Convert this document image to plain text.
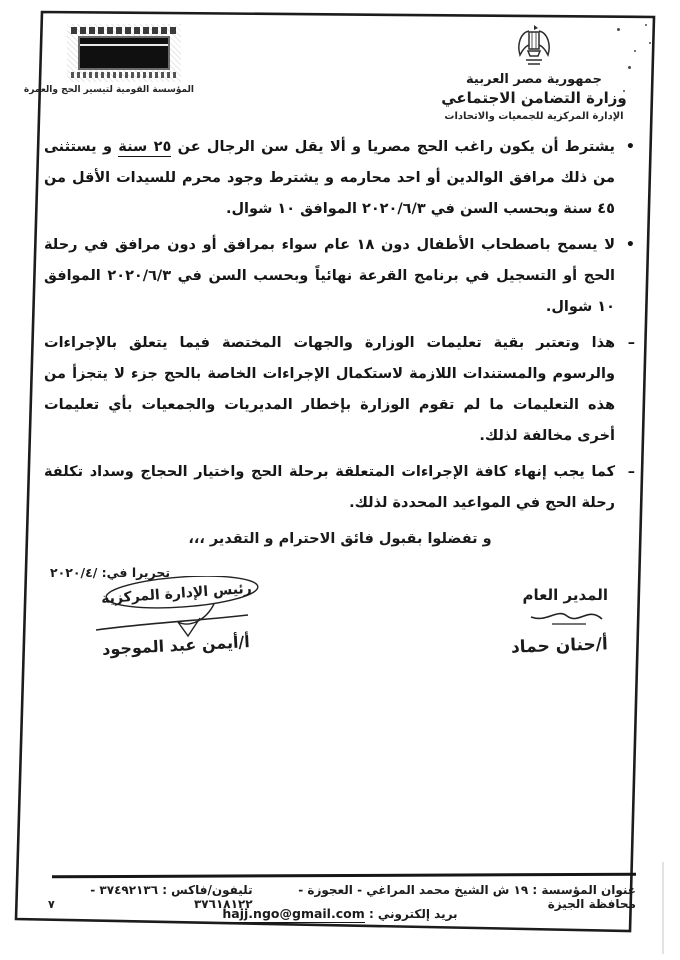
المؤسسة القومية لتيسير الحج والعمرة
جمهورية مصر العربية
وزارة التضامن الاجتماعي
الإدارة المركزية للجمعيات والاتحادات

•
يشترط أن يكون راغب الحج مصريا و ألا يقل سن الرجال عن ٢٥ سنة و يستثنى من ذلك مرافق الوالدين أو احد محارمه و يشترط وجود محرم للسيدات الأقل من ٤٥ سنة وبحسب السن في ٢٠٢٠/٦/٣ الموافق ١٠ شوال.

•
لا يسمح باصطحاب الأطفال دون ١٨ عام سواء بمرافق أو دون مرافق في رحلة الحج أو التسجيل في برنامج القرعة نهائياً وبحسب السن في ٢٠٢٠/٦/٣ الموافق ١٠ شوال.

–
هذا وتعتبر بقية تعليمات الوزارة والجهات المختصة فيما يتعلق بالإجراءات والرسوم والمستندات اللازمة لاستكمال الإجراءات الخاصة بالحج جزء لا يتجزأ من هذه التعليمات ما لم تقوم الوزارة بإخطار المديريات والجمعيات بأي تعليمات أخرى مخالفة لذلك.

–
كما يجب إنهاء كافة الإجراءات المتعلقة برحلة الحج واختيار الحجاج وسداد تكلفة رحلة الحج في المواعيد المحددة لذلك.

و تفضلوا بقبول فائق الاحترام و التقدير ،،،

تحريرا في: ٢٠٢٠/٤/
المدير العام
أ/حنان حماد
رئيس الإدارة المركزية
أ/أيمن عبد الموجود
عنوان المؤسسة : ١٩ ش الشيخ محمد المراغي - العجوزة - محافظة الجيزة
تليفون/فاكس : ٣٧٤٩٢١٣٦ - ٣٧٦١٨١٢٢
بريد إلكتروني : hajj.ngo@gmail.com
٧
